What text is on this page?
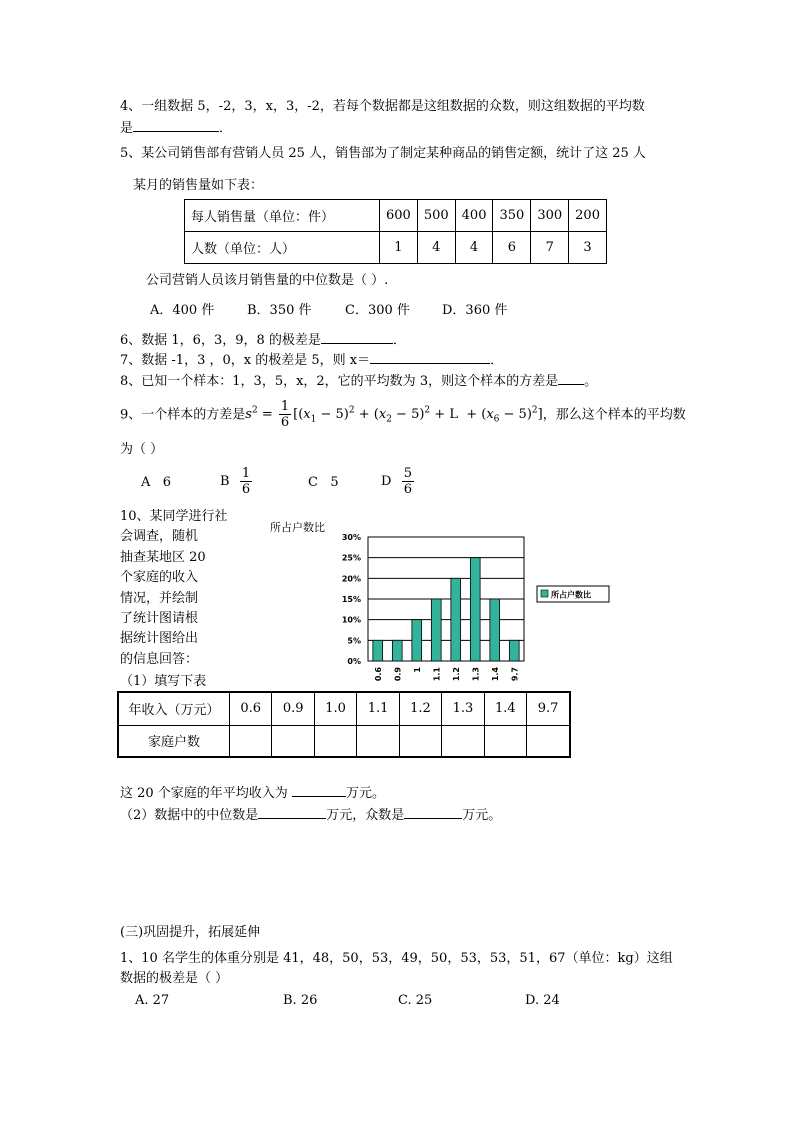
4、一组数据 5，-2，3，x，3，-2，若每个数据都是这组数据的众数，则这组数据的平均数
是	．
5、某公司销售部有营销人员 25 人，销售部为了制定某种商品的销售定额，统计了这 25 人
某月的销售量如下表：
每人销售量（单位：件）	600	500	400	350	300	200
人数（单位：人）	1	4	4	6	7	3
公司营销人员该月销售量的中位数是（ ）.
A．400 件	B．350 件	C．300 件 D．360 件
6、数据 1，6，3，9，8 的极差是	．
7、数据 -1，3 ，0，x 的极差是 5，则 x＝	．
8、已知一个样本：1，3，5，x，2，它的平均数为 3，则这个样本的方差是 。
9、一个样本的方差是$s^2 = \frac{1}{6} [(x_1 - 5)^2 + (x_2 - 5)^2 + L + (x_6 - 5)^2]$，那么这个样本的平均数
为（ ）
A 6	B $\frac{1}{6}$	C 5	D $\frac{5}{6}$
10、某同学进行社
会调查，随机
抽查某地区 20
个家庭的收入
情况，并绘制
了统计图请根
据统计图给出
的信息回答：
（1）填写下表
所占户数比
0%
5%
10%
15%
20%
25%
30%
0.6 0.9 1 1.1 1.2 1.3 1.4 9.7
所占户数比
年收入（万元）	0.6	0.9	1.0	1.1	1.2	1.3	1.4	9.7
家庭户数								
这 20 个家庭的年平均收入为	万元。
（2）数据中的中位数是	万元，众数是	万元。
(三)巩固提升，拓展延伸
1、10 名学生的体重分别是 41，48，50，53，49，50，53，53，51，67（单位：kg）这组
数据的极差是（ ）
A. 27	B. 26	C. 25	D. 24
